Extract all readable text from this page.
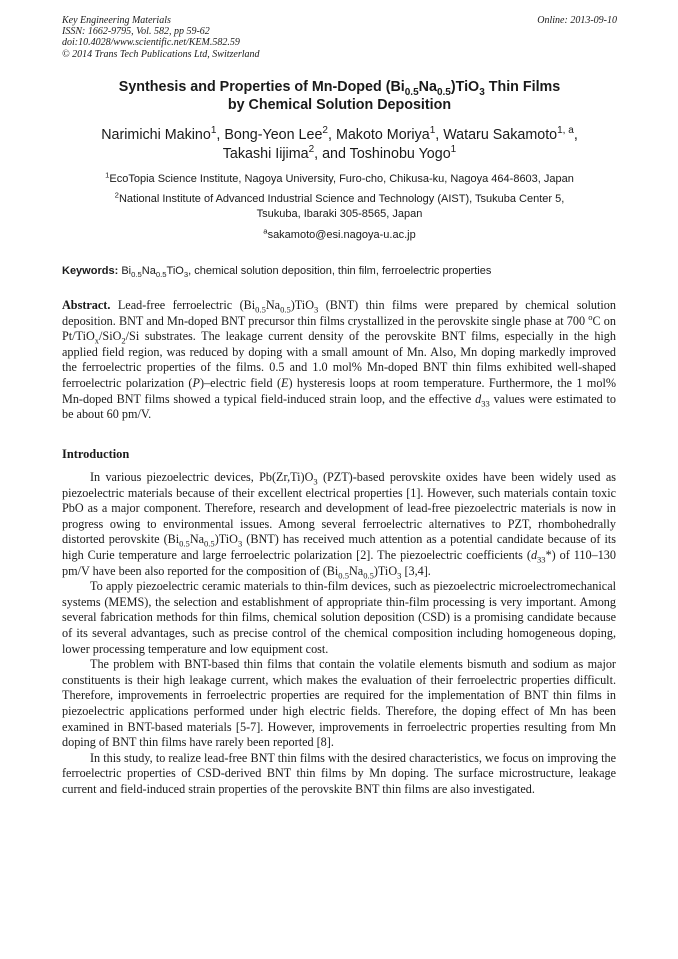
Key Engineering Materials
ISSN: 1662-9795, Vol. 582, pp 59-62
doi:10.4028/www.scientific.net/KEM.582.59
© 2014 Trans Tech Publications Ltd, Switzerland
Online: 2013-09-10
Synthesis and Properties of Mn-Doped $(Bi_{0.5}Na_{0.5})TiO_3$ Thin Films
by Chemical Solution Deposition
Narimichi Makino$^1$, Bong-Yeon Lee$^2$, Makoto Moriya$^1$, Wataru Sakamoto$^{1, a}$,
Takashi Iijima$^2$, and Toshinobu Yogo$^1$
$^1$EcoTopia Science Institute, Nagoya University, Furo-cho, Chikusa-ku, Nagoya 464-8603, Japan
$^2$National Institute of Advanced Industrial Science and Technology (AIST), Tsukuba Center 5,
Tsukuba, Ibaraki 305-8565, Japan
$^a$sakamoto@esi.nagoya-u.ac.jp
Keywords: $Bi_{0.5}Na_{0.5}TiO_3$, chemical solution deposition, thin film, ferroelectric properties

Abstract. Lead-free ferroelectric $(Bi_{0.5}Na_{0.5})TiO_3$ (BNT) thin films were prepared by chemical solution deposition. BNT and Mn-doped BNT precursor thin films crystallized in the perovskite single phase at 700 $^o$C on Pt/TiO$_x$/SiO$_2$/Si substrates. The leakage current density of the perovskite BNT films, especially in the high applied field region, was reduced by doping with a small amount of Mn. Also, Mn doping markedly improved the ferroelectric properties of the films. 0.5 and 1.0 mol% Mn-doped BNT thin films exhibited well-shaped ferroelectric polarization (P)–electric field (E) hysteresis loops at room temperature. Furthermore, the 1 mol% Mn-doped BNT films showed a typical field-induced strain loop, and the effective $d_{33}$ values were estimated to be about 60 pm/V.

Introduction

In various piezoelectric devices, $Pb(Zr,Ti)O_3$ (PZT)-based perovskite oxides have been widely used as piezoelectric materials because of their excellent electrical properties [1]. However, such materials contain toxic PbO as a major component. Therefore, research and development of lead-free piezoelectric materials is now in progress owing to environmental issues. Among several ferroelectric alternatives to PZT, rhombohedrally distorted perovskite $(Bi_{0.5}Na_{0.5})TiO_3$ (BNT) has received much attention as a potential candidate because of its high Curie temperature and large ferroelectric polarization [2]. The piezoelectric coefficients $(d_{33}*)$ of 110–130 pm/V have been also reported for the composition of $(Bi_{0.5}Na_{0.5})TiO_3$ [3,4].

To apply piezoelectric ceramic materials to thin-film devices, such as piezoelectric microelectromechanical systems (MEMS), the selection and establishment of appropriate thin-film processing is very important. Among several fabrication methods for thin films, chemical solution deposition (CSD) is a promising candidate because of its several advantages, such as precise control of the chemical composition including homogeneous doping, lower processing temperature and low equipment cost.

The problem with BNT-based thin films that contain the volatile elements bismuth and sodium as major constituents is their high leakage current, which makes the evaluation of their ferroelectric properties difficult. Therefore, improvements in ferroelectric properties are required for the implementation of BNT thin films in piezoelectric applications performed under high electric fields. Therefore, the doping effect of Mn has been examined in BNT-based materials [5-7]. However, improvements in ferroelectric properties resulting from Mn doping of BNT thin films have rarely been reported [8].

In this study, to realize lead-free BNT thin films with the desired characteristics, we focus on improving the ferroelectric properties of CSD-derived BNT thin films by Mn doping. The surface microstructure, leakage current and field-induced strain properties of the perovskite BNT thin films are also investigated.
